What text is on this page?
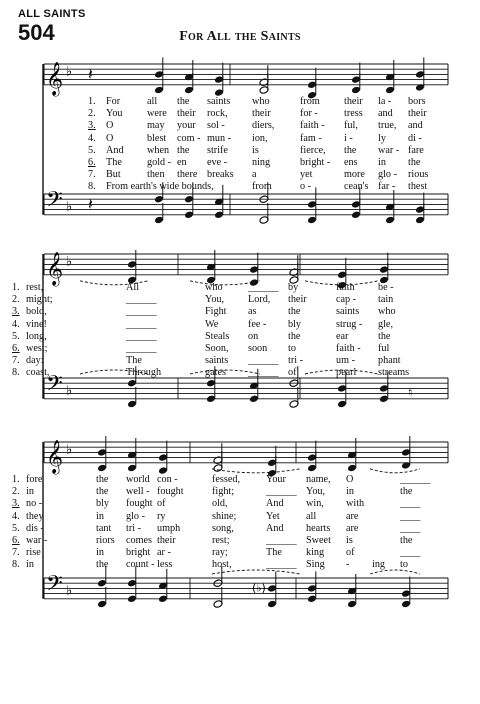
ALL SAINTS
504	For All the Saints
𝄞
𝄢
♭
♭
𝄽
𝄽
1. For	all the saints who	from their la - bors
2. You were their rock, their	for -	tress and their
3. O	may your sol -	diers,	faith - ful, true, and
4. O	blest com - mun - ion,	fam - i - ly di -
5. And when the strife is	fierce, the war - fare
6. The gold - en eve - ning	bright - ens in the
7. But	then there breaks a	yet	more glo - rious
8. From earth's wide bounds,	from	o -	cean's far - thest
𝄞
𝄢
♭
♭	♮
1. rest,	All	who ______ by	faith be -
2. might;	______	You, Lord, their	cap - tain
3. bold,	______	Fight as	the	saints who
4. vine!	______	We	fee - bly	strug - gle,
5. long,	______	Steals on	the	ear	the
6. west;	______	Soon, soon to	faith - ful
7. day:	The	saints ______ tri -	um - phant
8. coast,	Through	gates ______ of	pearl streams
𝄞
𝄢
♭
♭	(♭)
1. fore	the world con -	fessed,	Your name, O	______
2. in	the well - fought	fight;	______ You, in	the
3. no -	bly fought of	old,	And win, with	____
4. they	in glo - ry	shine;	Yet	all	are	____
5. dis -	tant tri - umph	song,	And hearts are	____
6. war -	riors comes their	rest;	______ Sweet is	the
7. rise	in bright ar -	ray;	The king of	____
8. in	the count - less	host,	______ Sing - ing to
